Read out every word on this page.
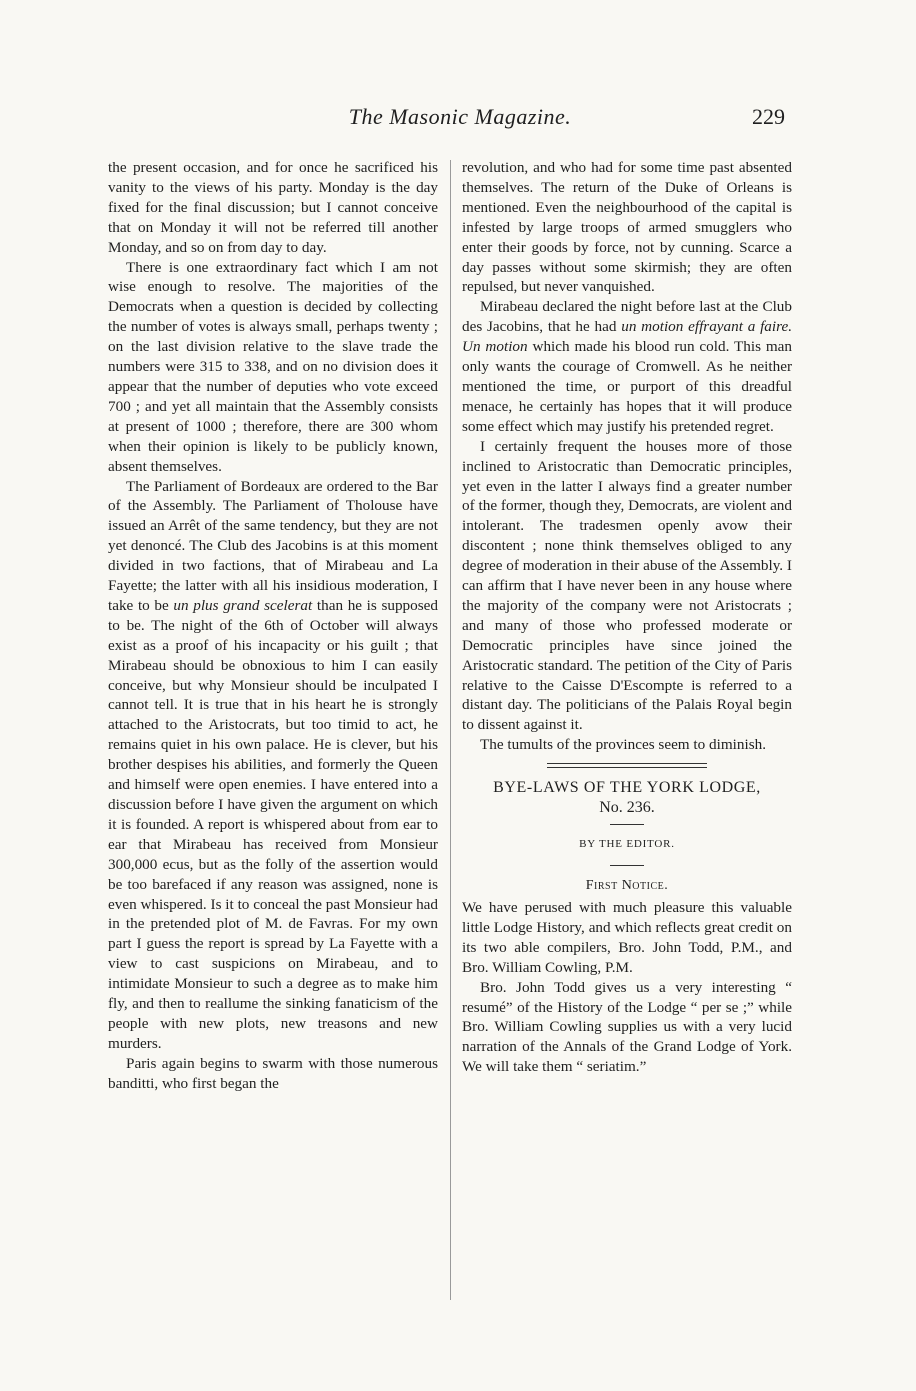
The Masonic Magazine.	229

the present occasion, and for once he sacrificed his vanity to the views of his party. Monday is the day fixed for the final discussion; but I cannot conceive that on Monday it will not be referred till another Monday, and so on from day to day.

There is one extraordinary fact which I am not wise enough to resolve. The majorities of the Democrats when a question is decided by collecting the number of votes is always small, perhaps twenty ; on the last division relative to the slave trade the numbers were 315 to 338, and on no division does it appear that the number of deputies who vote exceed 700 ; and yet all maintain that the Assembly consists at present of 1000 ; therefore, there are 300 whom when their opinion is likely to be publicly known, absent themselves.

The Parliament of Bordeaux are ordered to the Bar of the Assembly. The Parliament of Tholouse have issued an Arrêt of the same tendency, but they are not yet denoncé. The Club des Jacobins is at this moment divided in two factions, that of Mirabeau and La Fayette; the latter with all his insidious moderation, I take to be un plus grand scelerat than he is supposed to be. The night of the 6th of October will always exist as a proof of his incapacity or his guilt ; that Mirabeau should be obnoxious to him I can easily conceive, but why Monsieur should be inculpated I cannot tell. It is true that in his heart he is strongly attached to the Aristocrats, but too timid to act, he remains quiet in his own palace. He is clever, but his brother despises his abilities, and formerly the Queen and himself were open enemies. I have entered into a discussion before I have given the argument on which it is founded. A report is whispered about from ear to ear that Mirabeau has received from Monsieur 300,000 ecus, but as the folly of the assertion would be too barefaced if any reason was assigned, none is even whispered. Is it to conceal the past Monsieur had in the pretended plot of M. de Favras. For my own part I guess the report is spread by La Fayette with a view to cast suspicions on Mirabeau, and to intimidate Monsieur to such a degree as to make him fly, and then to reallume the sinking fanaticism of the people with new plots, new treasons and new murders.

Paris again begins to swarm with those numerous banditti, who first began the

revolution, and who had for some time past absented themselves. The return of the Duke of Orleans is mentioned. Even the neighbourhood of the capital is infested by large troops of armed smugglers who enter their goods by force, not by cunning. Scarce a day passes without some skirmish; they are often repulsed, but never vanquished.

Mirabeau declared the night before last at the Club des Jacobins, that he had un motion effrayant a faire. Un motion which made his blood run cold. This man only wants the courage of Cromwell. As he neither mentioned the time, or purport of this dreadful menace, he certainly has hopes that it will produce some effect which may justify his pretended regret.

I certainly frequent the houses more of those inclined to Aristocratic than Democratic principles, yet even in the latter I always find a greater number of the former, though they, Democrats, are violent and intolerant. The tradesmen openly avow their discontent ; none think themselves obliged to any degree of moderation in their abuse of the Assembly. I can affirm that I have never been in any house where the majority of the company were not Aristocrats ; and many of those who professed moderate or Democratic principles have since joined the Aristocratic standard. The petition of the City of Paris relative to the Caisse D'Escompte is referred to a distant day. The politicians of the Palais Royal begin to dissent against it.

The tumults of the provinces seem to diminish.

BYE-LAWS OF THE YORK LODGE,
No. 236.
BY THE EDITOR.
First Notice.

We have perused with much pleasure this valuable little Lodge History, and which reflects great credit on its two able compilers, Bro. John Todd, P.M., and Bro. William Cowling, P.M.

Bro. John Todd gives us a very interesting “ resumé” of the History of the Lodge “ per se ;” while Bro. William Cowling supplies us with a very lucid narration of the Annals of the Grand Lodge of York. We will take them “ seriatim.”
